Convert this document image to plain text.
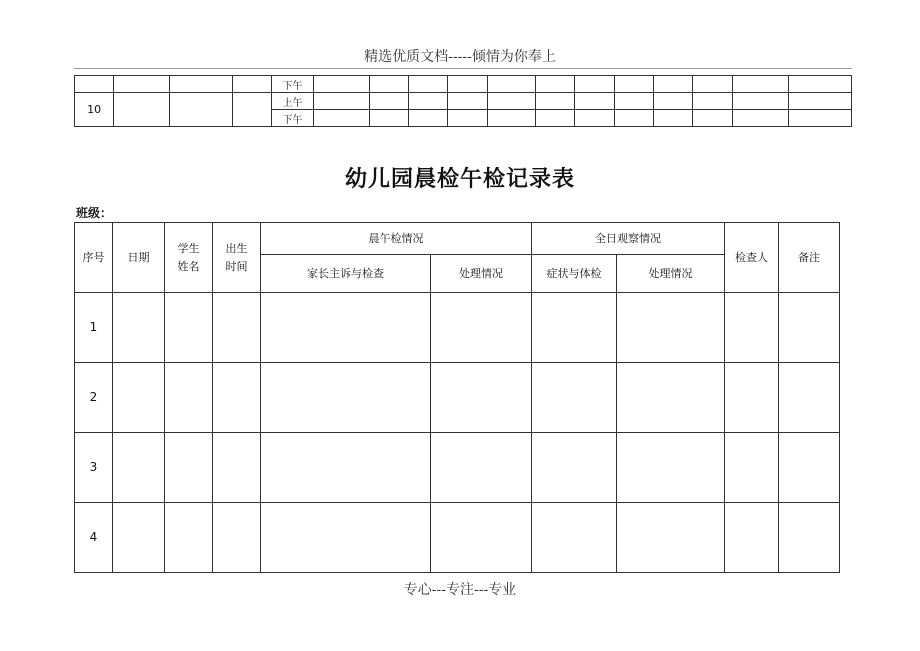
精选优质文档-----倾情为你奉上
				下午												
10				上午												
				下午												
幼儿园晨检午检记录表
班级：
序号	日期	学生姓名	出生时间	晨午检情况		全日观察情况		检查人	备注
				家长主诉与检查	处理情况	症状与体检	处理情况		
1									
2									
3									
4									
专心---专注---专业
